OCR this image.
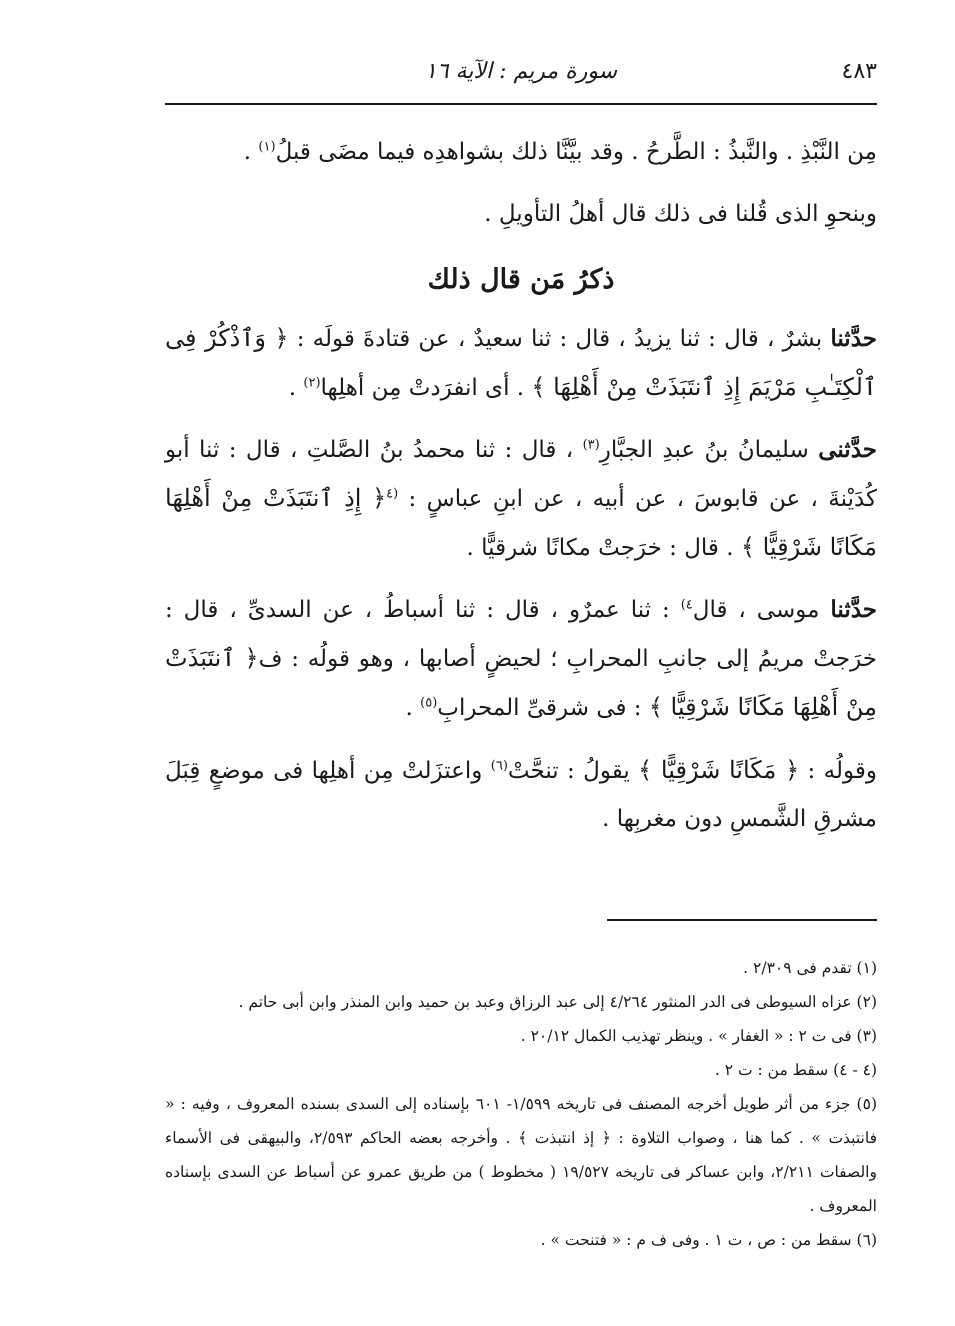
سورة مريم : الآية ١٦	٤٨٣

مِن النَّبْذِ . والنَّبذُ : الطَّرحُ . وقد بيَّنَّا ذلك بشواهدِه فيما مضَى قبلُ$^{(١)}$ .

وبنحوِ الذى قُلنا فى ذلك قال أهلُ التأويلِ .

ذكرُ مَن قال ذلك

حدَّثنا بشرٌ ، قال : ثنا يزيدُ ، قال : ثنا سعيدٌ ، عن قتادةَ قولَه : ﴿ وَٱذْكُرْ فِى ٱلْكِتَـٰبِ مَرْيَمَ إِذِ ٱنتَبَذَتْ مِنْ أَهْلِهَا ﴾ . أى انفرَدتْ مِن أهلِها$^{(٢)}$ .

حدَّثنى سليمانُ بنُ عبدِ الجبَّارِ$^{(٣)}$ ، قال : ثنا محمدُ بنُ الصَّلتِ ، قال : ثنا أبو كُدَيْنةَ ، عن قابوسَ ، عن أبيه ، عن ابنِ عباسٍ : $^{(٤}$﴿ إِذِ ٱنتَبَذَتْ مِنْ أَهْلِهَا مَكَانًا شَرْقِيًّا ﴾ . قال : خرَجتْ مكانًا شرقيًّا .

حدَّثنا موسى ، قال$^{٤)}$ : ثنا عمرٌو ، قال : ثنا أسباطُ ، عن السدىِّ ، قال : خرَجتْ مريمُ إلى جانبِ المحرابِ ؛ لحيضٍ أصابها ، وهو قولُه : ف﴿ ٱنتَبَذَتْ مِنْ أَهْلِهَا مَكَانًا شَرْقِيًّا ﴾ : فى شرقىِّ المحرابِ$^{(٥)}$ .

وقولُه : ﴿ مَكَانًا شَرْقِيًّا ﴾ يقولُ : تنحَّتْ$^{(٦)}$ واعتزَلتْ مِن أهلِها فى موضعٍ قِبَلَ مشرقِ الشَّمسِ دون مغربِها .

(١) تقدم فى ٢/٣٠٩ .

(٢) عزاه السيوطى فى الدر المنثور ٤/٢٦٤ إلى عبد الرزاق وعبد بن حميد وابن المنذر وابن أبى حاتم .

(٣) فى ت ٢ : « الغفار » . وينظر تهذيب الكمال ٢٠/١٢ .

(٤ - ٤) سقط من : ت ٢ .

(٥) جزء من أثر طويل أخرجه المصنف فى تاريخه ١/٥٩٩- ٦٠١ بإسناده إلى السدى بسنده المعروف ، وفيه : « فانتبذت » . كما هنا ، وصواب التلاوة : ﴿ إذ انتبذت ﴾ . وأخرجه بعضه الحاكم ٢/٥٩٣، والبيهقى فى الأسماء والصفات ٢/٢١١، وابن عساكر فى تاريخه ١٩/٥٢٧ ( مخطوط ) من طريق عمرو عن أسباط عن السدى بإسناده المعروف .

(٦) سقط من : ص ، ت ١ . وفى ف م : « فتنحت » .
